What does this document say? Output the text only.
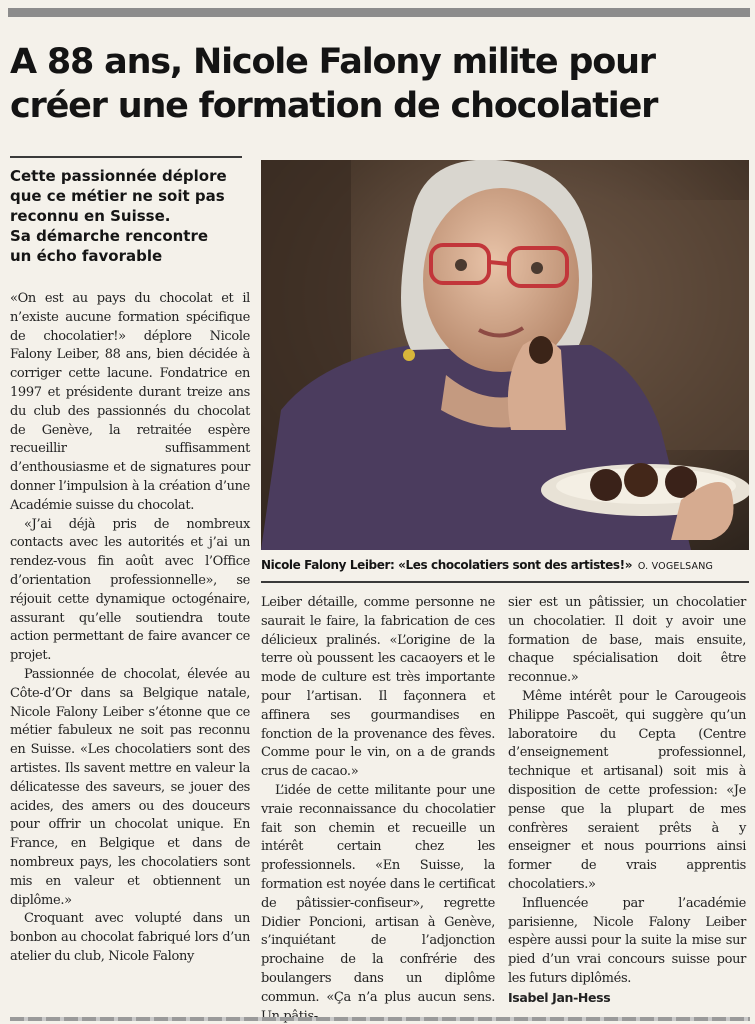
A 88 ans, Nicole Falony milite pour
créer une formation de chocolatier
Cette passionnée déplore
que ce métier ne soit pas
reconnu en Suisse.
Sa démarche rencontre
un écho favorable

«On est au pays du chocolat et il n’existe aucune formation spécifique de chocolatier!» déplore Nicole Falony Leiber, 88 ans, bien décidée à corriger cette lacune. Fondatrice en 1997 et présidente durant treize ans du club des passionnés du chocolat de Genève, la retraitée espère recueillir suffisamment d’enthousiasme et de signatures pour donner l’impulsion à la création d’une Académie suisse du chocolat.

«J’ai déjà pris de nombreux contacts avec les autorités et j’ai un rendez-vous fin août avec l’Office d’orientation professionnelle», se réjouit cette dynamique octogénaire, assurant qu’elle soutiendra toute action permettant de faire avancer ce projet.

Passionnée de chocolat, élevée au Côte-d’Or dans sa Belgique natale, Nicole Falony Leiber s’étonne que ce métier fabuleux ne soit pas reconnu en Suisse. «Les chocolatiers sont des artistes. Ils savent mettre en valeur la délicatesse des saveurs, se jouer des acides, des amers ou des douceurs pour offrir un chocolat unique. En France, en Belgique et dans de nombreux pays, les chocolatiers sont mis en valeur et obtiennent un diplôme.»

Croquant avec volupté dans un bonbon au chocolat fabriqué lors d’un atelier du club, Nicole Falony

Nicole Falony Leiber: «Les chocolatiers sont des artistes!» O. VOGELSANG

Leiber détaille, comme personne ne saurait le faire, la fabrication de ces délicieux pralinés. «L’origine de la terre où poussent les cacaoyers et le mode de culture est très importante pour l’artisan. Il façonnera et affinera ses gourmandises en fonction de la provenance des fèves. Comme pour le vin, on a de grands crus de cacao.»

L’idée de cette militante pour une vraie reconnaissance du chocolatier fait son chemin et recueille un intérêt certain chez les professionnels. «En Suisse, la formation est noyée dans le certificat de pâtissier-confiseur», regrette Didier Poncioni, artisan à Genève, s’inquiétant de l’adjonction prochaine de la confrérie des boulangers dans un diplôme commun. «Ça n’a plus aucun sens.

sier est un pâtissier, un chocolatier un chocolatier. Il doit y avoir une formation de base, mais ensuite, chaque spécialisation doit être reconnue.»

Même intérêt pour le Carougeois Philippe Pascoët, qui suggère qu’un laboratoire du Cepta (Centre d’enseignement professionnel, technique et artisanal) soit mis à disposition de cette profession: «Je pense que la plupart de mes confrères seraient prêts à y enseigner et nous pourrions ainsi former de vrais apprentis chocolatiers.»

Influencée par l’académie parisienne, Nicole Falony Leiber espère aussi pour la suite la mise sur pied d’un vrai concours suisse pour les futurs diplômés.

Isabel Jan-Hess
